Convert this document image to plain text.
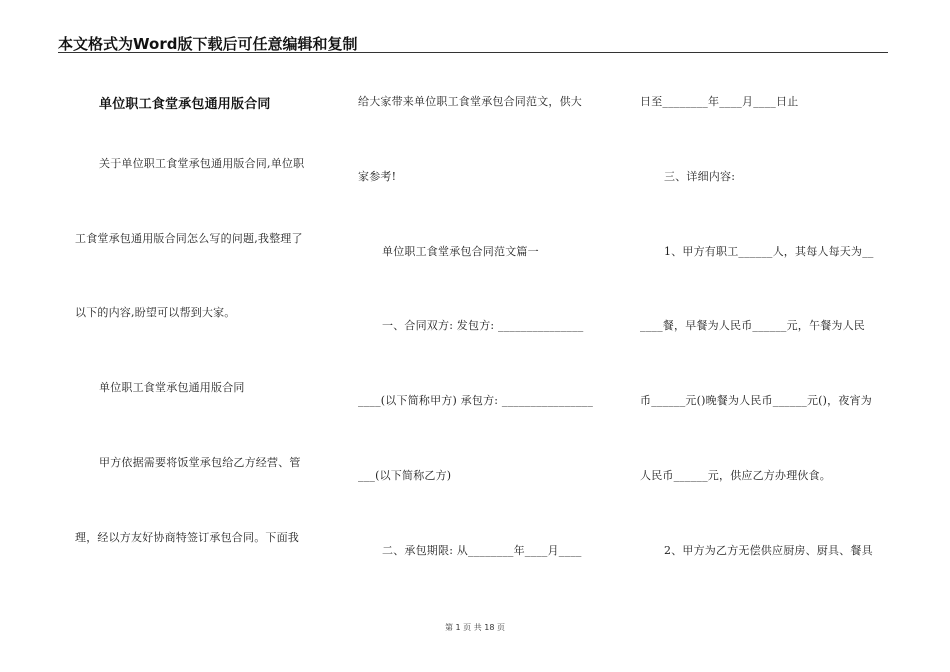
本文格式为Word版下载后可任意编辑和复制
单位职工食堂承包通用版合同
关于单位职工食堂承包通用版合同,单位职
工食堂承包通用版合同怎么写的问题,我整理了
以下的内容,盼望可以帮到大家。
单位职工食堂承包通用版合同
甲方依据需要将饭堂承包给乙方经营、管
理，经以方友好协商特签订承包合同。下面我
给大家带来单位职工食堂承包合同范文，供大
家参考!
单位职工食堂承包合同范文篇一
一、合同双方: 发包方: _______________
____(以下简称甲方) 承包方: ________________
___(以下简称乙方)
二、承包期限: 从________年____月____
日至________年____月____日止
三、详细内容:
1、甲方有职工______人，其每人每天为__
____餐，早餐为人民币______元，午餐为人民
币______元()晚餐为人民币______元()，夜宵为
人民币______元，供应乙方办理伙食。
2、甲方为乙方无偿供应厨房、厨具、餐具
第 1 页 共 18 页
